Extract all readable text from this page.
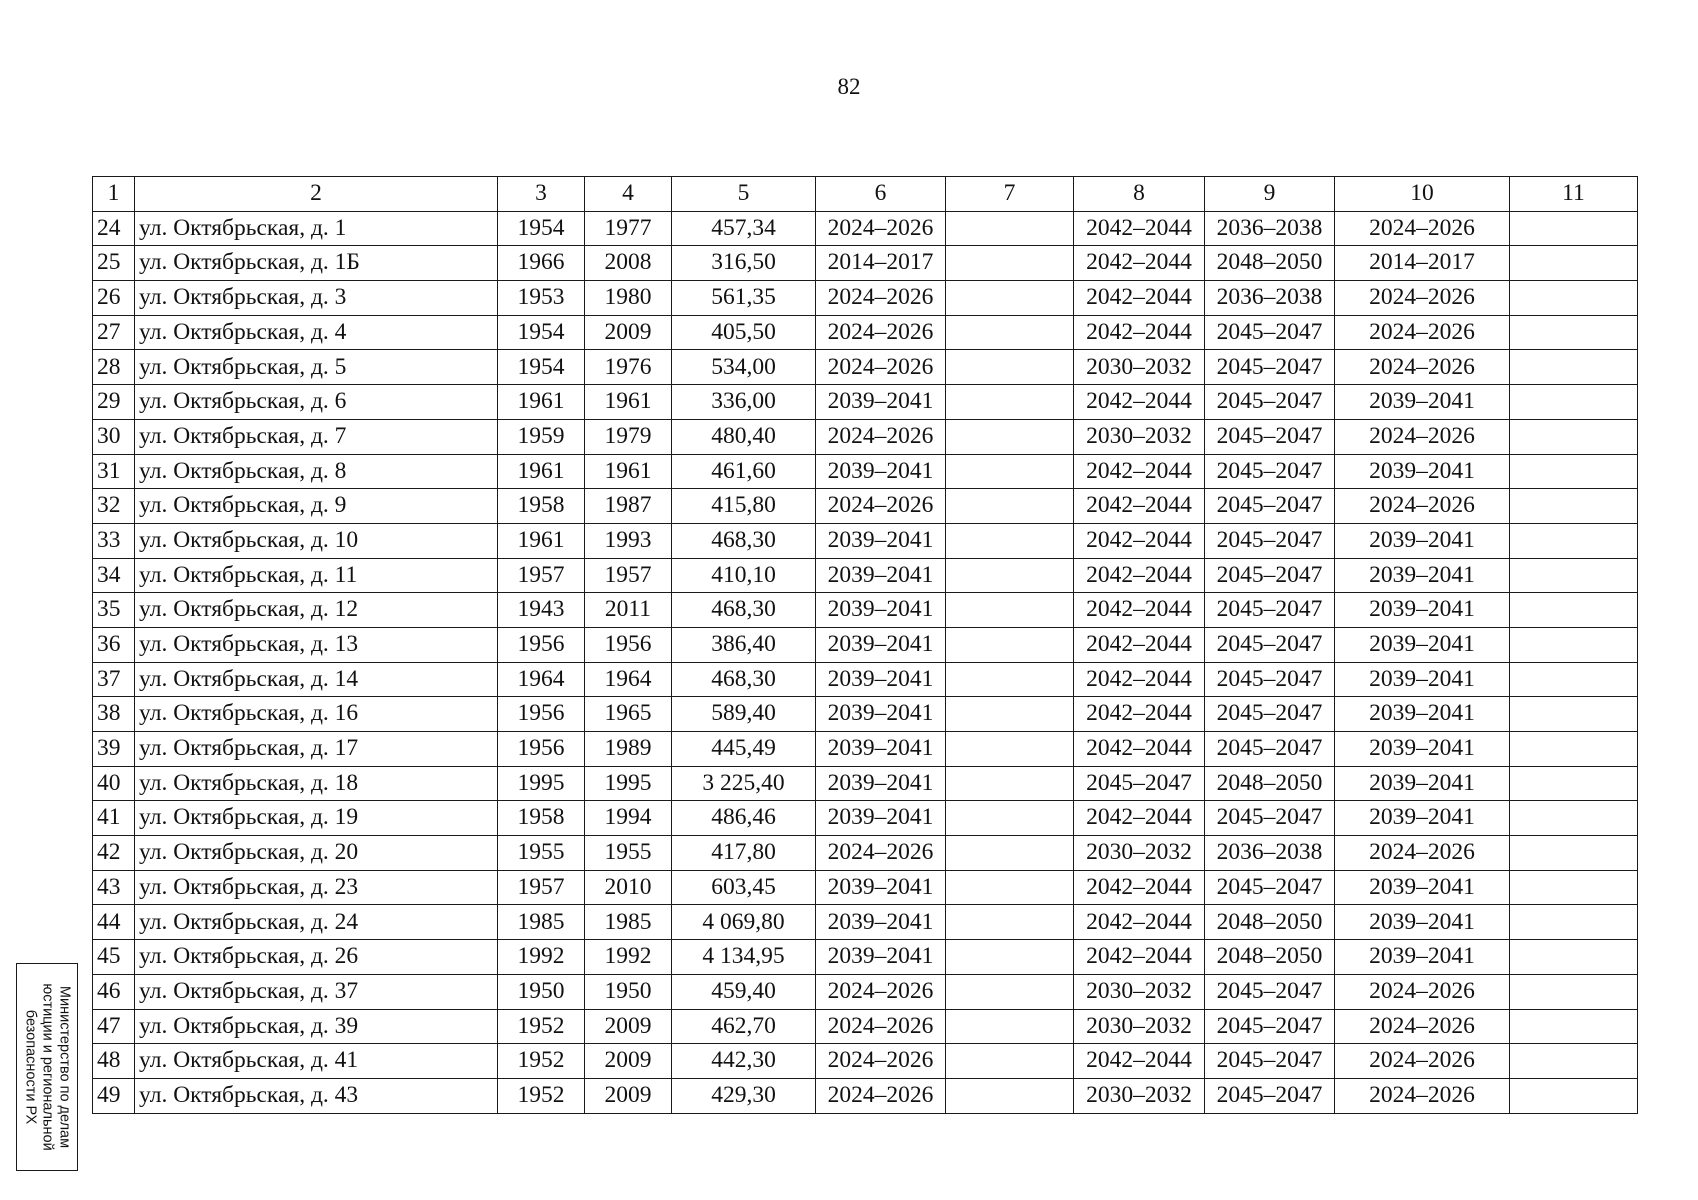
82
1	2	3	4	5	6	7	8	9	10	11
24	ул. Октябрьская, д. 1	1954	1977	457,34	2024–2026		2042–2044	2036–2038	2024–2026	
25	ул. Октябрьская, д. 1Б	1966	2008	316,50	2014–2017		2042–2044	2048–2050	2014–2017	
26	ул. Октябрьская, д. 3	1953	1980	561,35	2024–2026		2042–2044	2036–2038	2024–2026	
27	ул. Октябрьская, д. 4	1954	2009	405,50	2024–2026		2042–2044	2045–2047	2024–2026	
28	ул. Октябрьская, д. 5	1954	1976	534,00	2024–2026		2030–2032	2045–2047	2024–2026	
29	ул. Октябрьская, д. 6	1961	1961	336,00	2039–2041		2042–2044	2045–2047	2039–2041	
30	ул. Октябрьская, д. 7	1959	1979	480,40	2024–2026		2030–2032	2045–2047	2024–2026	
31	ул. Октябрьская, д. 8	1961	1961	461,60	2039–2041		2042–2044	2045–2047	2039–2041	
32	ул. Октябрьская, д. 9	1958	1987	415,80	2024–2026		2042–2044	2045–2047	2024–2026	
33	ул. Октябрьская, д. 10	1961	1993	468,30	2039–2041		2042–2044	2045–2047	2039–2041	
34	ул. Октябрьская, д. 11	1957	1957	410,10	2039–2041		2042–2044	2045–2047	2039–2041	
35	ул. Октябрьская, д. 12	1943	2011	468,30	2039–2041		2042–2044	2045–2047	2039–2041	
36	ул. Октябрьская, д. 13	1956	1956	386,40	2039–2041		2042–2044	2045–2047	2039–2041	
37	ул. Октябрьская, д. 14	1964	1964	468,30	2039–2041		2042–2044	2045–2047	2039–2041	
38	ул. Октябрьская, д. 16	1956	1965	589,40	2039–2041		2042–2044	2045–2047	2039–2041	
39	ул. Октябрьская, д. 17	1956	1989	445,49	2039–2041		2042–2044	2045–2047	2039–2041	
40	ул. Октябрьская, д. 18	1995	1995	3 225,40	2039–2041		2045–2047	2048–2050	2039–2041	
41	ул. Октябрьская, д. 19	1958	1994	486,46	2039–2041		2042–2044	2045–2047	2039–2041	
42	ул. Октябрьская, д. 20	1955	1955	417,80	2024–2026		2030–2032	2036–2038	2024–2026	
43	ул. Октябрьская, д. 23	1957	2010	603,45	2039–2041		2042–2044	2045–2047	2039–2041	
44	ул. Октябрьская, д. 24	1985	1985	4 069,80	2039–2041		2042–2044	2048–2050	2039–2041	
45	ул. Октябрьская, д. 26	1992	1992	4 134,95	2039–2041		2042–2044	2048–2050	2039–2041	
46	ул. Октябрьская, д. 37	1950	1950	459,40	2024–2026		2030–2032	2045–2047	2024–2026	
47	ул. Октябрьская, д. 39	1952	2009	462,70	2024–2026		2030–2032	2045–2047	2024–2026	
48	ул. Октябрьская, д. 41	1952	2009	442,30	2024–2026		2042–2044	2045–2047	2024–2026	
49	ул. Октябрьская, д. 43	1952	2009	429,30	2024–2026		2030–2032	2045–2047	2024–2026	
Министерство по делам
юстиции и региональной
безопасности РХ
